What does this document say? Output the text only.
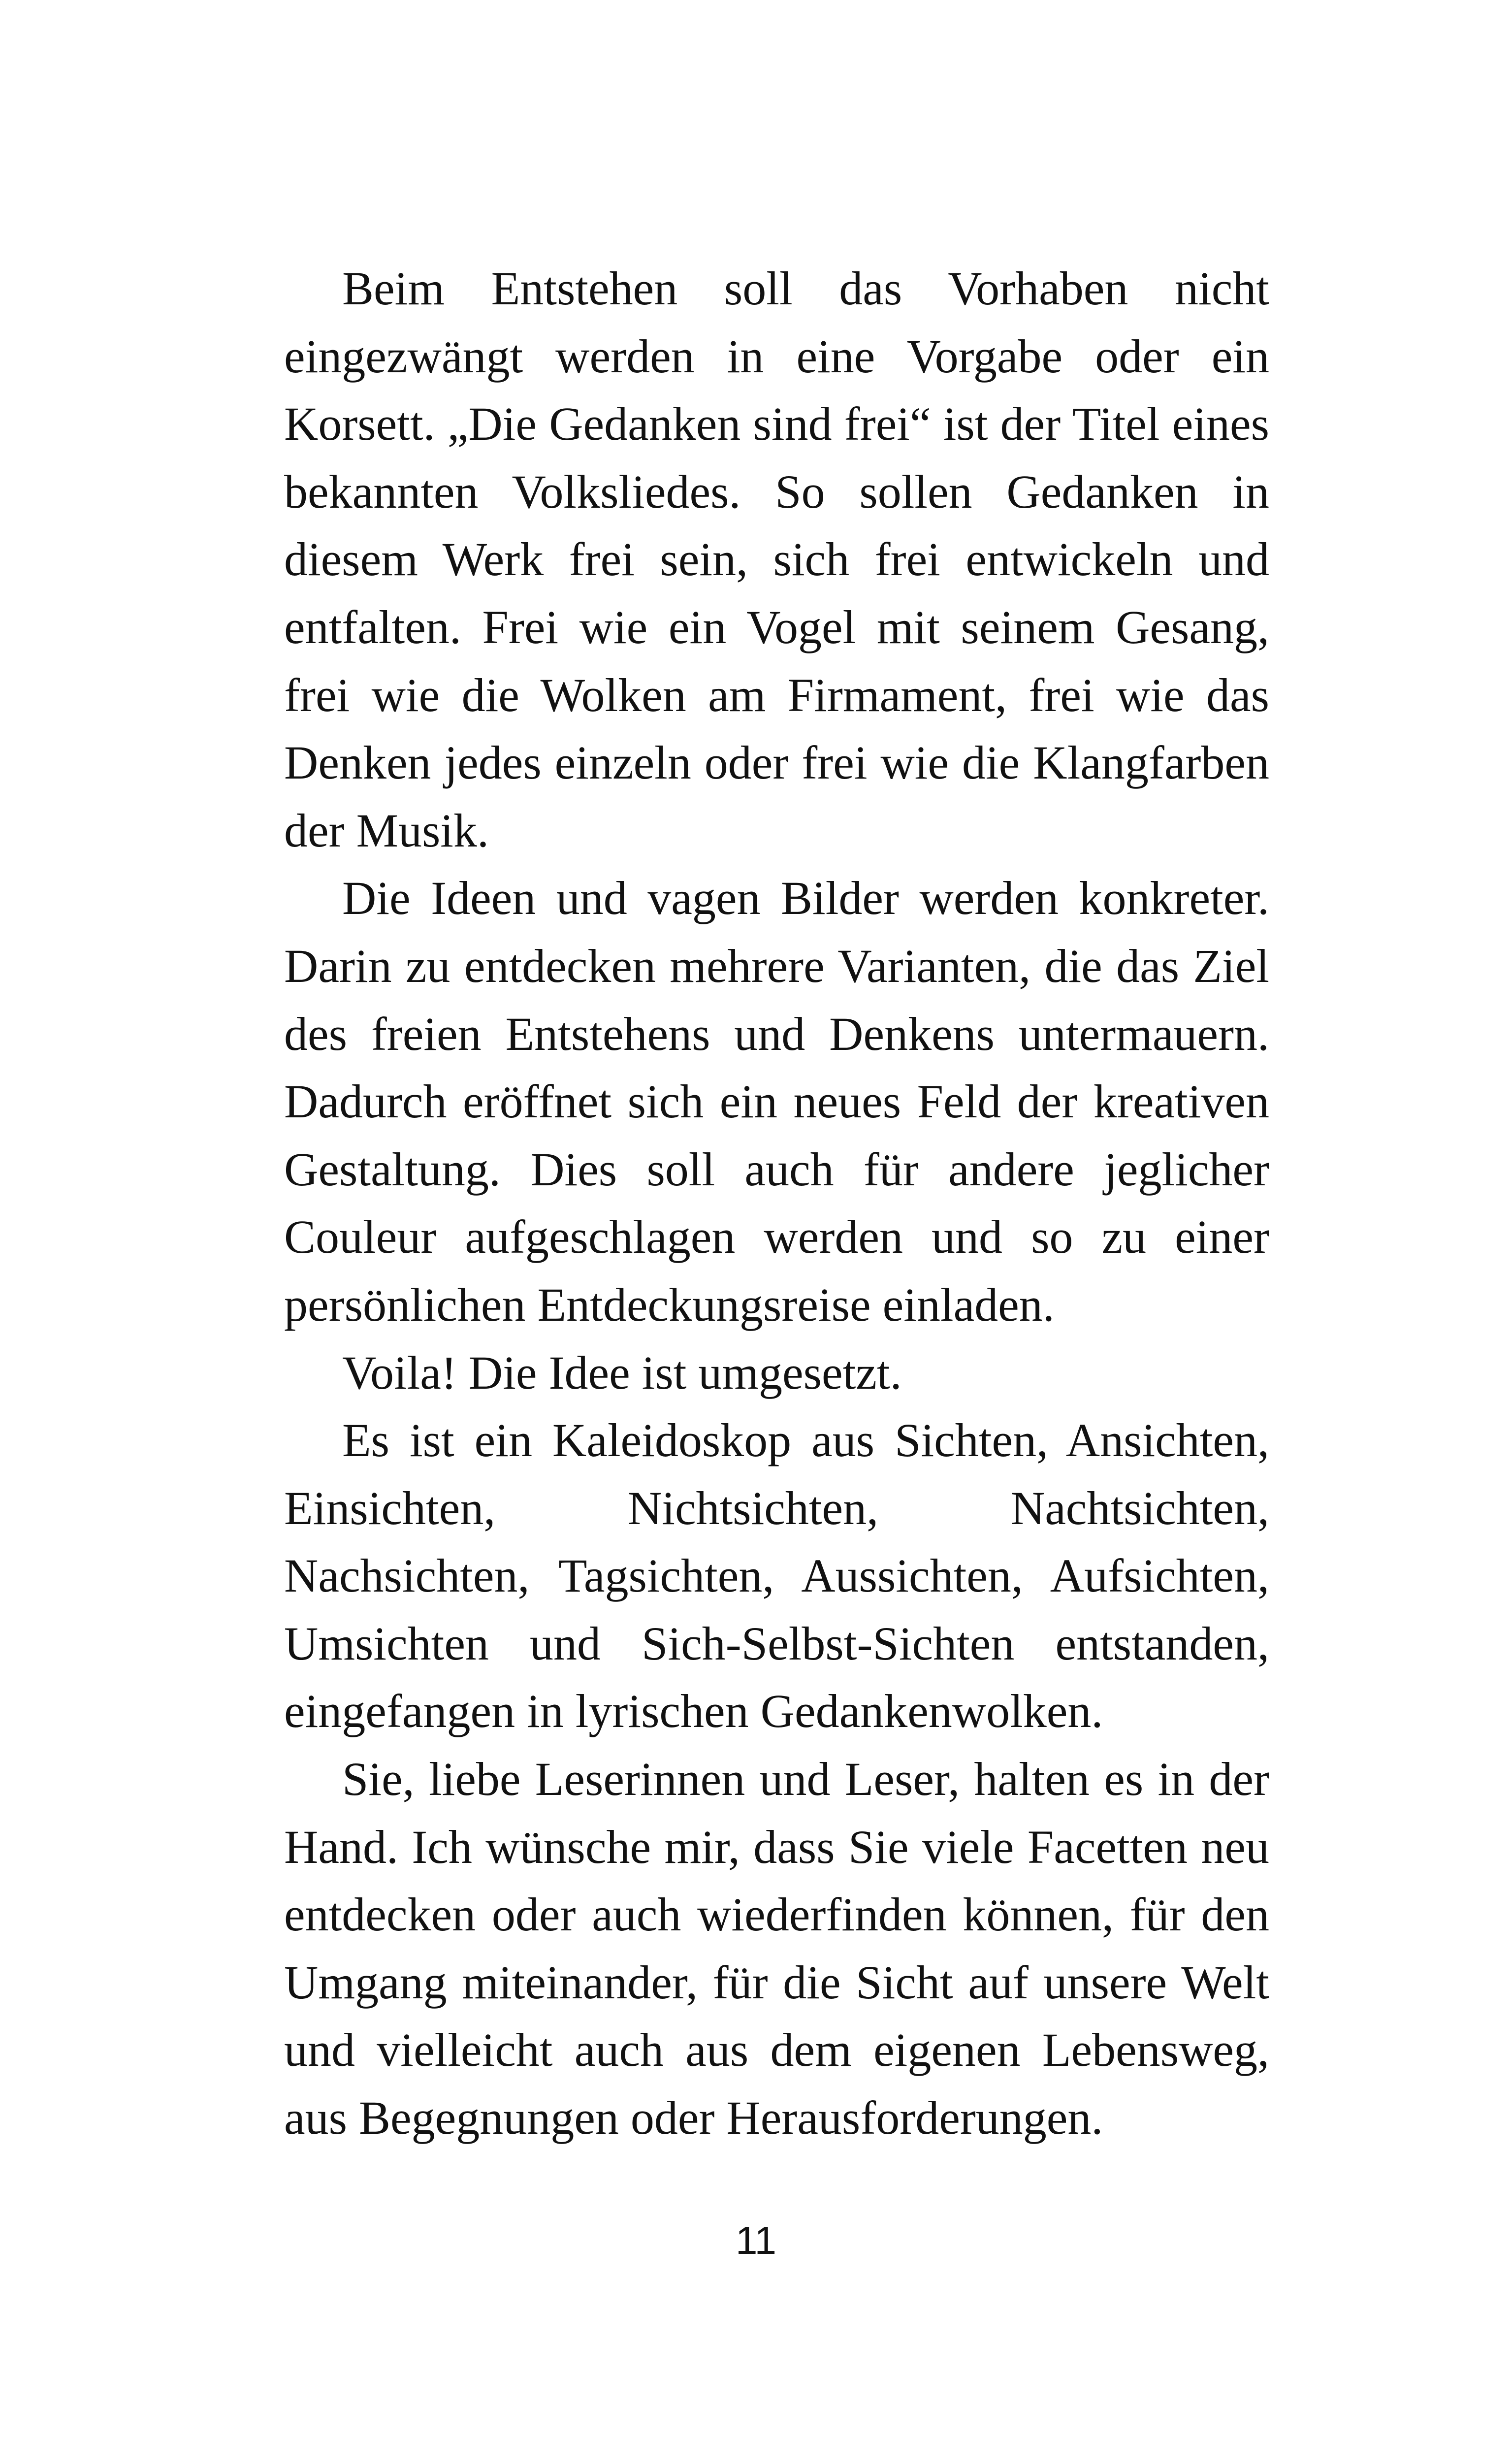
Beim Entstehen soll das Vorhaben nicht eingezwängt werden in eine Vorgabe oder ein Korsett. „Die Gedanken sind frei“ ist der Titel eines bekannten Volksliedes. So sollen Gedanken in diesem Werk frei sein, sich frei entwickeln und entfalten. Frei wie ein Vogel mit seinem Gesang, frei wie die Wolken am Firmament, frei wie das Denken jedes einzeln oder frei wie die Klangfarben der Musik.

Die Ideen und vagen Bilder werden konkreter. Darin zu entdecken mehrere Varianten, die das Ziel des freien Entstehens und Denkens untermauern. Dadurch eröffnet sich ein neues Feld der kreativen Gestaltung. Dies soll auch für andere jeglicher Couleur aufgeschlagen werden und so zu einer persönlichen Entdeckungsreise einladen.

Voila! Die Idee ist umgesetzt.

Es ist ein Kaleidoskop aus Sichten, Ansichten, Einsichten, Nichtsichten, Nachtsichten, Nachsichten, Tagsichten, Aussichten, Aufsichten, Umsichten und Sich-Selbst-Sichten entstanden, eingefangen in lyrischen Gedankenwolken.

Sie, liebe Leserinnen und Leser, halten es in der Hand. Ich wünsche mir, dass Sie viele Facetten neu entdecken oder auch wiederfinden können, für den Umgang miteinander, für die Sicht auf unsere Welt und vielleicht auch aus dem eigenen Lebensweg, aus Begegnungen oder Herausforderungen.

11
